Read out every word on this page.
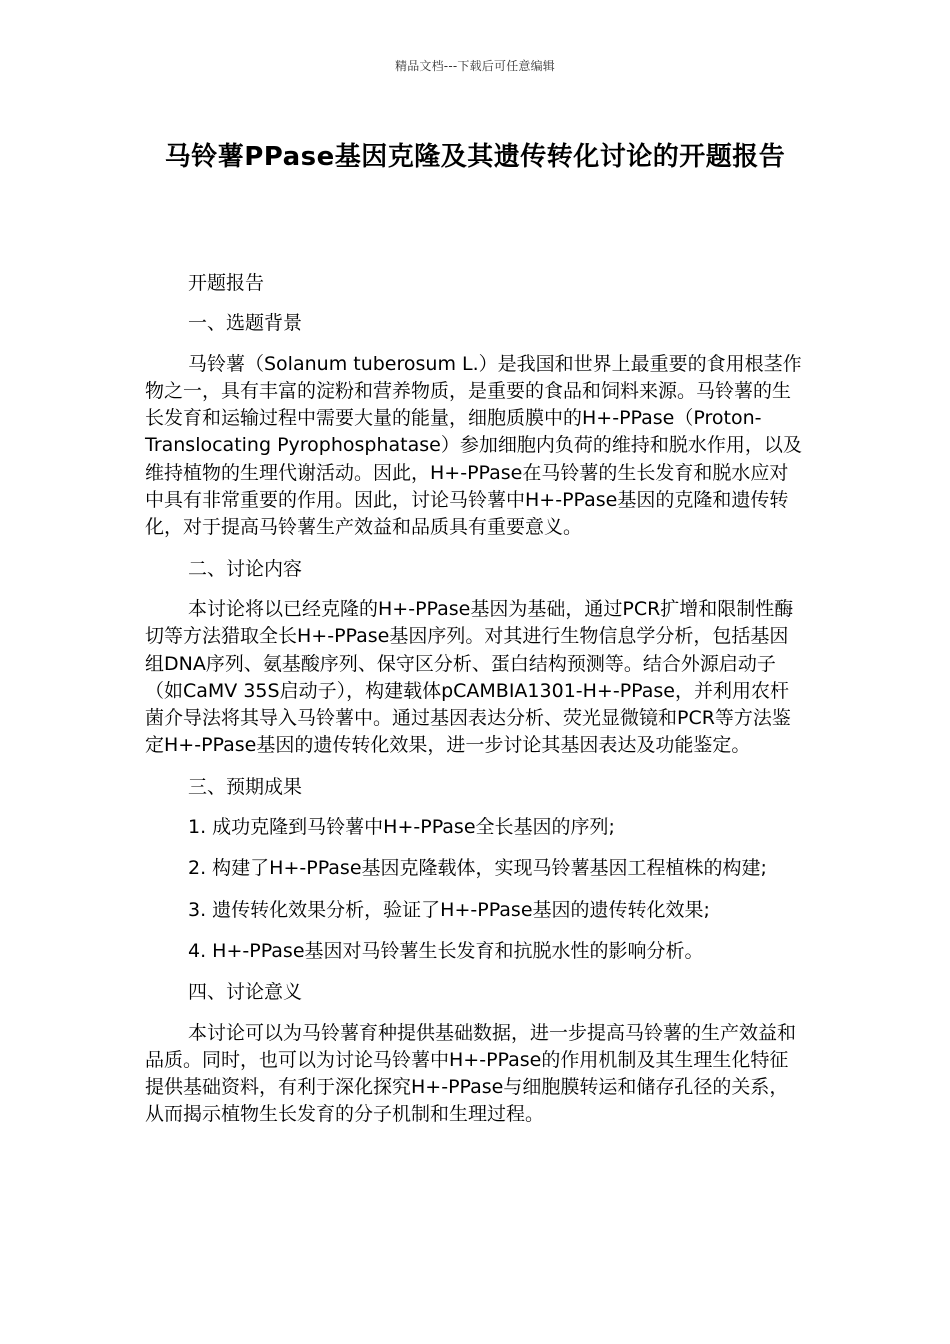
精品文档---下载后可任意编辑
马铃薯PPase基因克隆及其遗传转化讨论的开题报告

开题报告

一、选题背景

马铃薯（Solanum tuberosum L.）是我国和世界上最重要的食用根茎作物之一，具有丰富的淀粉和营养物质，是重要的食品和饲料来源。马铃薯的生长发育和运输过程中需要大量的能量，细胞质膜中的H+-PPase（Proton-Translocating Pyrophosphatase）参加细胞内负荷的维持和脱水作用，以及维持植物的生理代谢活动。因此，H+-PPase在马铃薯的生长发育和脱水应对中具有非常重要的作用。因此，讨论马铃薯中H+-PPase基因的克隆和遗传转化，对于提高马铃薯生产效益和品质具有重要意义。

二、讨论内容

本讨论将以已经克隆的H+-PPase基因为基础，通过PCR扩增和限制性酶切等方法猎取全长H+-PPase基因序列。对其进行生物信息学分析，包括基因组DNA序列、氨基酸序列、保守区分析、蛋白结构预测等。结合外源启动子（如CaMV 35S启动子），构建载体pCAMBIA1301-H+-PPase，并利用农杆菌介导法将其导入马铃薯中。通过基因表达分析、荧光显微镜和PCR等方法鉴定H+-PPase基因的遗传转化效果，进一步讨论其基因表达及功能鉴定。

三、预期成果

1. 成功克隆到马铃薯中H+-PPase全长基因的序列;

2. 构建了H+-PPase基因克隆载体，实现马铃薯基因工程植株的构建;

3. 遗传转化效果分析，验证了H+-PPase基因的遗传转化效果;

4. H+-PPase基因对马铃薯生长发育和抗脱水性的影响分析。

四、讨论意义

本讨论可以为马铃薯育种提供基础数据，进一步提高马铃薯的生产效益和品质。同时，也可以为讨论马铃薯中H+-PPase的作用机制及其生理生化特征提供基础资料，有利于深化探究H+-PPase与细胞膜转运和储存孔径的关系，从而揭示植物生长发育的分子机制和生理过程。
